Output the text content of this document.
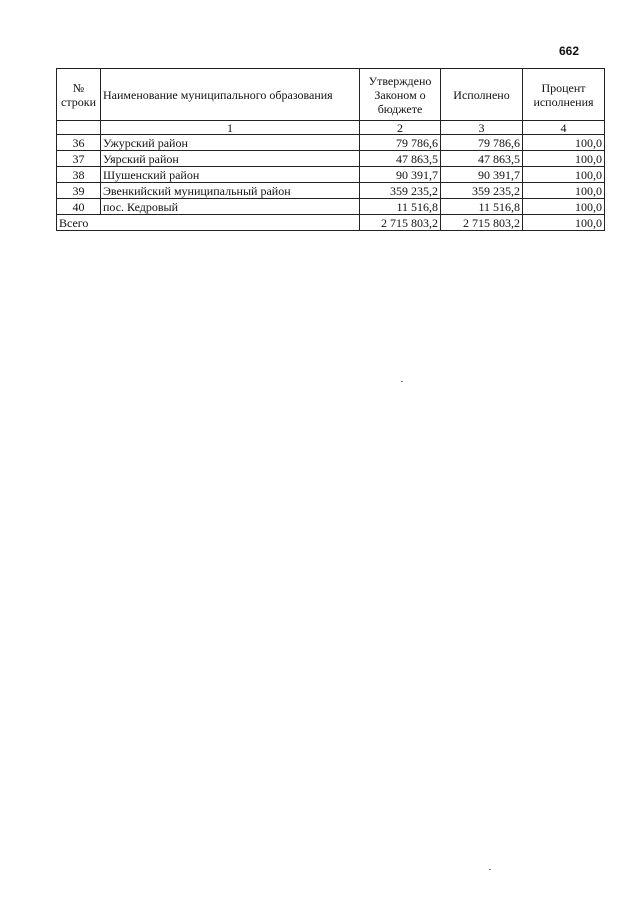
662
№ строки	Наименование муниципального образования	Утверждено Законом о бюджете	Исполнено	Процент исполнения
	1	2	3	4
36	Ужурский район	79 786,6	79 786,6	100,0
37	Уярский район	47 863,5	47 863,5	100,0
38	Шушенский район	90 391,7	90 391,7	100,0
39	Эвенкийский муниципальный район	359 235,2	359 235,2	100,0
40	пос. Кедровый	11 516,8	11 516,8	100,0
Всего		2 715 803,2	2 715 803,2	100,0
